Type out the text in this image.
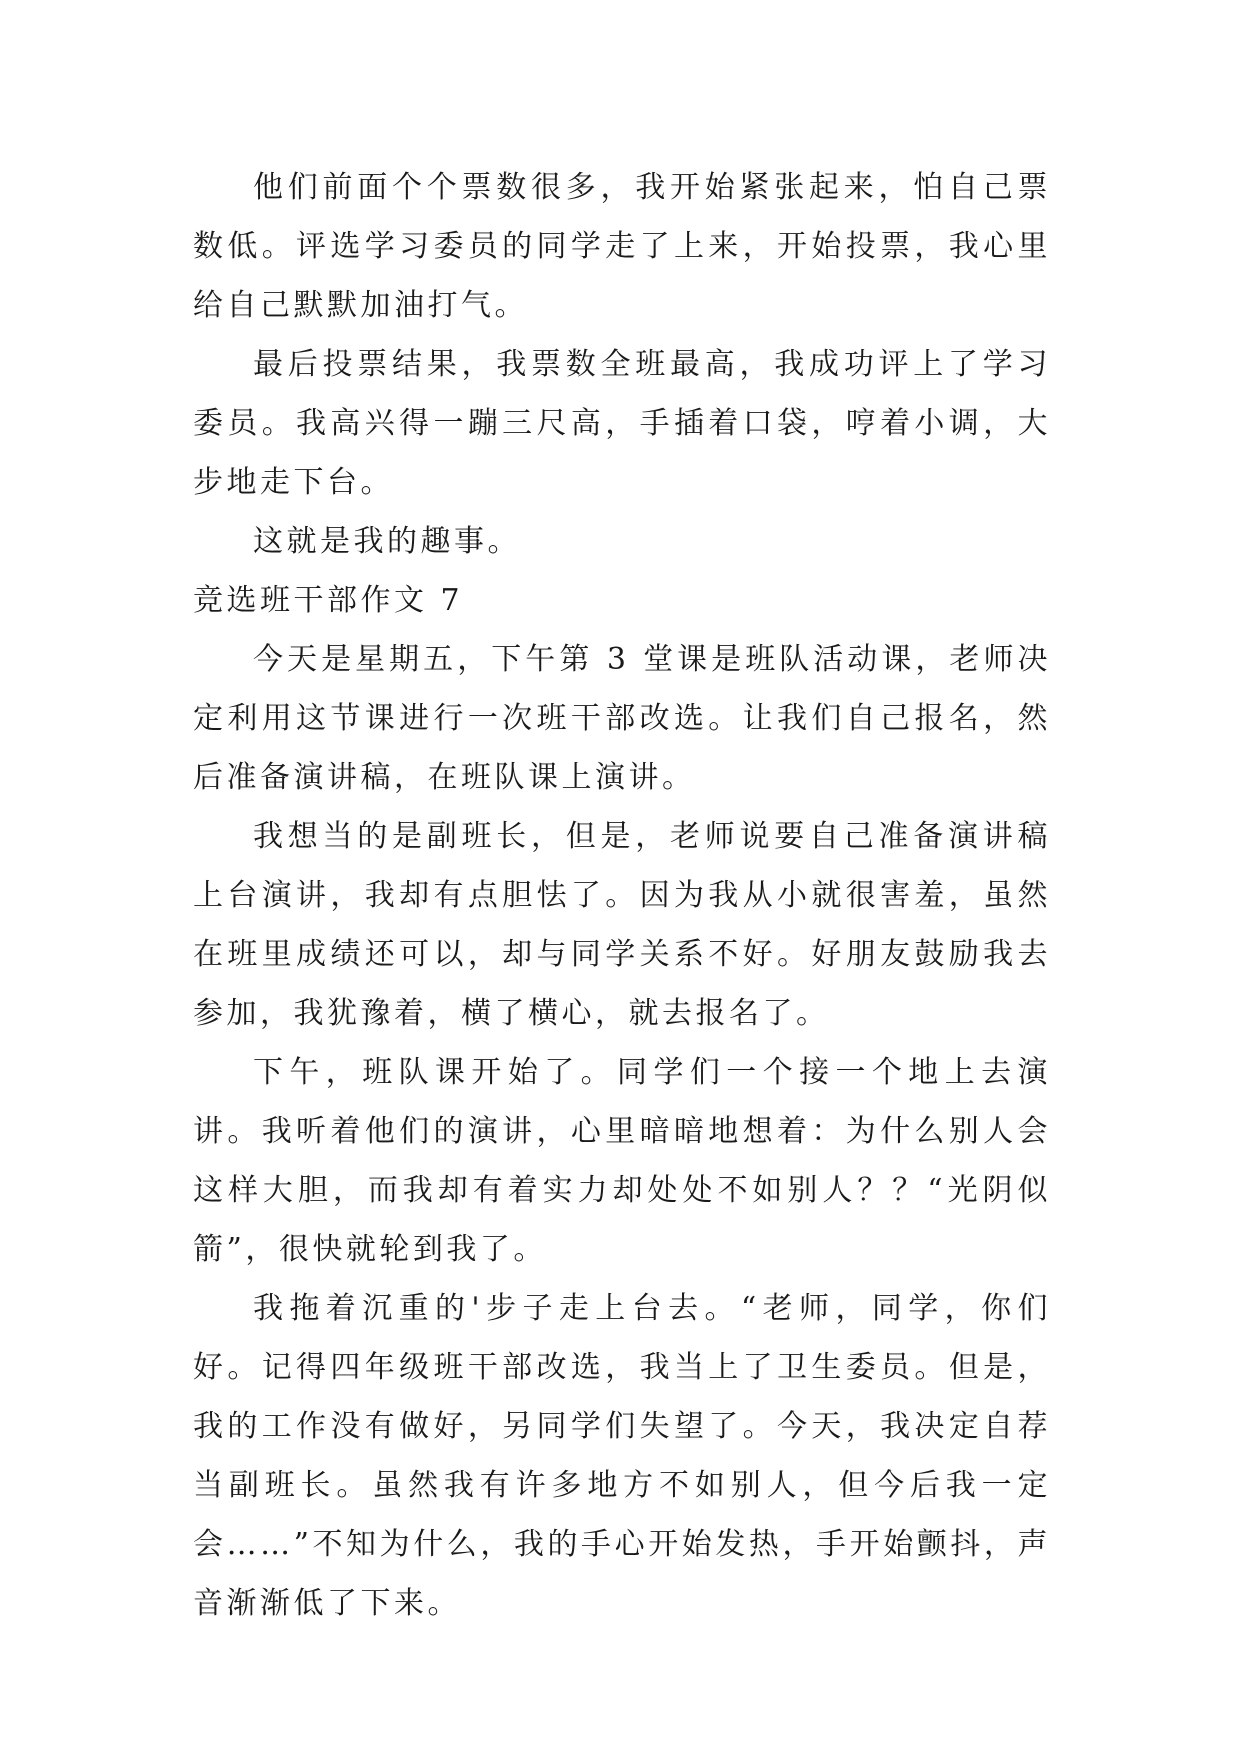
他们前面个个票数很多，我开始紧张起来，怕自己票数低。评选学习委员的同学走了上来，开始投票，我心里给自己默默加油打气。

最后投票结果，我票数全班最高，我成功评上了学习委员。我高兴得一蹦三尺高，手插着口袋，哼着小调，大步地走下台。

这就是我的趣事。

竞选班干部作文 7

今天是星期五，下午第 3 堂课是班队活动课，老师决定利用这节课进行一次班干部改选。让我们自己报名，然后准备演讲稿，在班队课上演讲。

我想当的是副班长，但是，老师说要自己准备演讲稿上台演讲，我却有点胆怯了。因为我从小就很害羞，虽然在班里成绩还可以，却与同学关系不好。好朋友鼓励我去参加，我犹豫着，横了横心，就去报名了。

下午，班队课开始了。同学们一个接一个地上去演讲。我听着他们的演讲，心里暗暗地想着：为什么别人会这样大胆，而我却有着实力却处处不如别人？？“光阴似箭”，很快就轮到我了。

我拖着沉重的'步子走上台去。“老师，同学，你们好。记得四年级班干部改选，我当上了卫生委员。但是，我的工作没有做好，另同学们失望了。今天，我决定自荐当副班长。虽然我有许多地方不如别人，但今后我一定会……”不知为什么，我的手心开始发热，手开始颤抖，声音渐渐低了下来。
